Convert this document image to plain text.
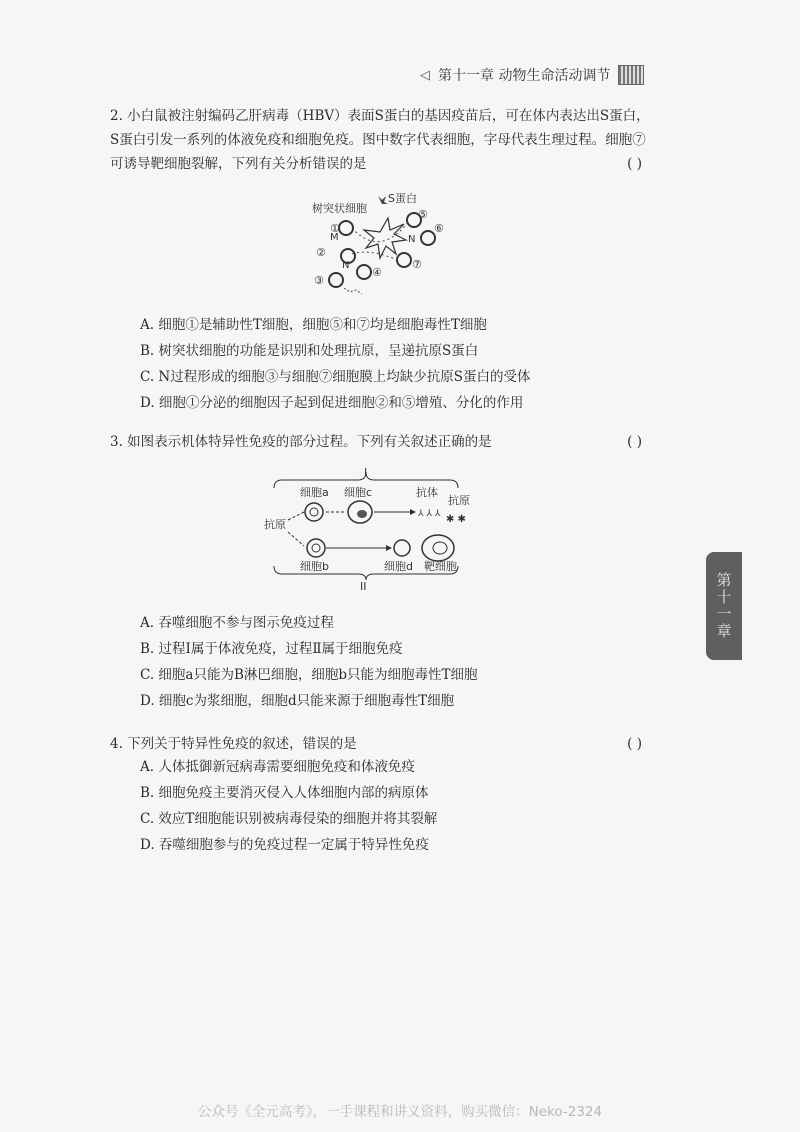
◁ 第十一章 动物生命活动调节

2. 小白鼠被注射编码乙肝病毒（HBV）表面S蛋白的基因疫苗后，可在体内表达出S蛋白，S蛋白引发一系列的体液免疫和细胞免疫。图中数字代表细胞，字母代表生理过程。细胞⑦可诱导靶细胞裂解，下列有关分析错误的是	( )
树突状细胞
S蛋白
①
②
M
⑤
N
⑥
⑦
N
③
④

A. 细胞①是辅助性T细胞，细胞⑤和⑦均是细胞毒性T细胞

B. 树突状细胞的功能是识别和处理抗原，呈递抗原S蛋白

C. N过程形成的细胞③与细胞⑦细胞膜上均缺少抗原S蛋白的受体

D. 细胞①分泌的细胞因子起到促进细胞②和⑤增殖、分化的作用

3. 如图表示机体特异性免疫的部分过程。下列有关叙述正确的是	( )
I
细胞a 细胞c	抗体
抗原
⅄ ⅄ ⅄ ✱ ✱
抗原
细胞b	细胞d 靶细胞
II

A. 吞噬细胞不参与图示免疫过程

B. 过程Ⅰ属于体液免疫，过程Ⅱ属于细胞免疫

C. 细胞a只能为B淋巴细胞，细胞b只能为细胞毒性T细胞

D. 细胞c为浆细胞，细胞d只能来源于细胞毒性T细胞

4. 下列关于特异性免疫的叙述，错误的是	( )

A. 人体抵御新冠病毒需要细胞免疫和体液免疫

B. 细胞免疫主要消灭侵入人体细胞内部的病原体

C. 效应T细胞能识别被病毒侵染的细胞并将其裂解

D. 吞噬细胞参与的免疫过程一定属于特异性免疫

第十一章
公众号《全元高考》，一手课程和讲义资料，购买微信：Neko-2324
